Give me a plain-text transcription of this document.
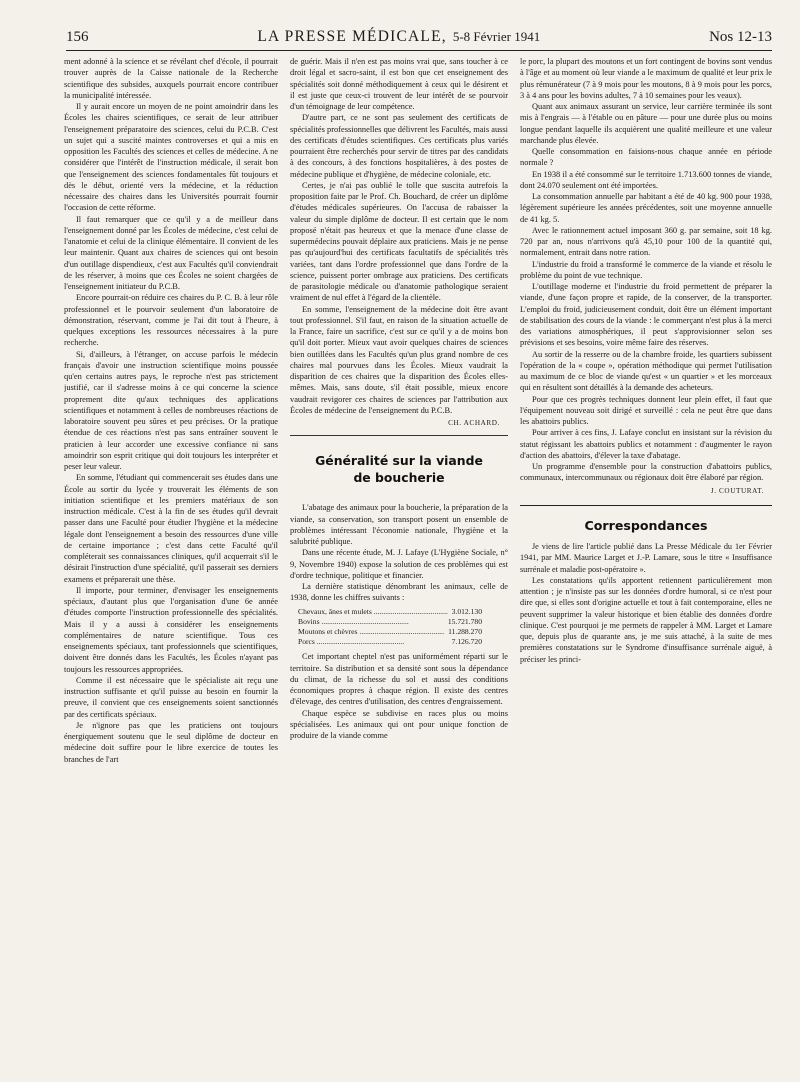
156	LA PRESSE MÉDICALE, 5-8 Février 1941	Nos 12-13

ment adonné à la science et se révélant chef d'école, il pourrait trouver auprès de la Caisse nationale de la Recherche scientifique des subsides, auxquels pourrait encore contribuer la municipalité intéressée.

Il y aurait encore un moyen de ne point amoindrir dans les Écoles les chaires scientifiques, ce serait de leur attribuer l'enseignement préparatoire des sciences, celui du P.C.B. C'est un sujet qui a suscité maintes controverses et qui a mis en opposition les Facultés des sciences et celles de médecine. A ne considérer que l'intérêt de l'instruction médicale, il serait bon que l'enseignement des sciences fondamentales fût toujours et dès le début, orienté vers la médecine, et la réduction nécessaire des chaires dans les Universités pourrait fournir l'occasion de cette réforme.

Il faut remarquer que ce qu'il y a de meilleur dans l'enseignement donné par les Écoles de médecine, c'est celui de l'anatomie et celui de la clinique élémentaire. Il convient de les leur maintenir. Quant aux chaires de sciences qui ont besoin d'un outillage dispendieux, c'est aux Facultés qu'il conviendrait de les réserver, à moins que ces Écoles ne soient chargées de l'enseignement initiateur du P.C.B.

Encore pourrait-on réduire ces chaires du P. C. B. à leur rôle professionnel et le pourvoir seulement d'un laboratoire de démonstration, réservant, comme je l'ai dit tout à l'heure, à quelques exceptions les ressources nécessaires à la pure recherche.

Si, d'ailleurs, à l'étranger, on accuse parfois le médecin français d'avoir une instruction scientifique moins poussée qu'en certains autres pays, le reproche n'est pas strictement justifié, car il s'adresse moins à ce qui concerne la science proprement dite qu'aux techniques des applications scientifiques et notamment à celles de nombreuses réactions de laboratoire souvent peu sûres et peu précises. Or la pratique étendue de ces réactions n'est pas sans entraîner souvent le praticien à leur accorder une excessive confiance ni sans amoindrir son esprit critique qui doit toujours les interpréter et peser leur valeur.

En somme, l'étudiant qui commencerait ses études dans une École au sortir du lycée y trouverait les éléments de son initiation scientifique et les premiers matériaux de son instruction médicale. C'est à la fin de ses études qu'il devrait passer dans une Faculté pour étudier l'hygiène et la médecine légale dont l'enseignement a besoin des ressources d'une ville de certaine importance ; c'est dans cette Faculté qu'il compléterait ses connaissances cliniques, qu'il acquerrait s'il le désirait l'instruction d'une spécialité, qu'il passerait ses derniers examens et préparerait une thèse.

Il importe, pour terminer, d'envisager les enseignements spéciaux, d'autant plus que l'organisation d'une 6e année d'études comporte l'instruction professionnelle des spécialités. Mais il y a aussi à considérer les enseignements complémentaires de nature scientifique. Tous ces enseignements spéciaux, tant professionnels que scientifiques, doivent être donnés dans les Facultés, les Écoles n'ayant pas toujours les ressources appropriées.

Comme il est nécessaire que le spécialiste ait reçu une instruction suffisante et qu'il puisse au besoin en fournir la preuve, il convient que ces enseignements soient sanctionnés par des certificats spéciaux.

Je n'ignore pas que les praticiens ont toujours énergiquement soutenu que le seul diplôme de docteur en médecine doit suffire pour le libre exercice de toutes les branches de l'art

de guérir. Mais il n'en est pas moins vrai que, sans toucher à ce droit légal et sacro-saint, il est bon que cet enseignement des spécialités soit donné méthodiquement à ceux qui le désirent et il est juste que ceux-ci trouvent de leur intérêt de se pourvoir d'un témoignage de leur compétence.

D'autre part, ce ne sont pas seulement des certificats de spécialités professionnelles que délivrent les Facultés, mais aussi des certificats d'études scientifiques. Ces certificats plus variés pourraient être recherchés pour servir de titres par des candidats à des concours, à des fonctions hospitalières, à des postes de médecine publique et d'hygiène, de médecine coloniale, etc.

Certes, je n'ai pas oublié le tolle que suscita autrefois la proposition faite par le Prof. Ch. Bouchard, de créer un diplôme d'études médicales supérieures. On l'accusa de rabaisser la valeur du simple diplôme de docteur. Il est certain que le nom proposé n'était pas heureux et que la menace d'une classe de supermédecins pouvait déplaire aux praticiens. Mais je ne pense pas qu'aujourd'hui des certificats facultatifs de spécialités très variées, tant dans l'ordre professionnel que dans l'ordre de la science, puissent porter ombrage aux praticiens. Des certificats de parasitologie médicale ou d'anatomie pathologique seraient vraiment de nul effet à l'égard de la clientèle.

En somme, l'enseignement de la médecine doit être avant tout professionnel. S'il faut, en raison de la situation actuelle de la France, faire un sacrifice, c'est sur ce qu'il y a de moins bon qu'il doit porter. Mieux vaut avoir quelques chaires de sciences bien outillées dans les Facultés qu'un plus grand nombre de ces chaires mal pourvues dans les Écoles. Mieux vaudrait la disparition de ces chaires que la disparition des Écoles elles-mêmes. Mais, sans doute, s'il était possible, mieux encore vaudrait revigorer ces chaires de sciences par l'attribution aux Écoles de médecine de l'enseignement du P.C.B.

CH. ACHARD.
Généralité sur la viande
de boucherie

L'abatage des animaux pour la boucherie, la préparation de la viande, sa conservation, son transport posent un ensemble de problèmes intéressant l'économie nationale, l'hygiène et la salubrité publique.

Dans une récente étude, M. J. Lafaye (L'Hygiène Sociale, n° 9, Novembre 1940) expose la solution de ces problèmes qui est d'ordre technique, politique et financier.

La dernière statistique dénombrant les animaux, celle de 1938, donne les chiffres suivants :

Chevaux, ânes et mulets .....	3.012.130
Bovins .....	15.721.780
Moutons et chèvres .....	11.288.270
Porcs .....	7.126.720

Cet important cheptel n'est pas uniformément réparti sur le territoire. Sa distribution et sa densité sont sous la dépendance du climat, de la richesse du sol et aussi des conditions économiques propres à chaque région. Il existe des centres d'élevage, des centres d'utilisation, des centres d'engraissement.

Chaque espèce se subdivise en races plus ou moins spécialisées. Les animaux qui ont pour unique fonction de produire de la viande comme

le porc, la plupart des moutons et un fort contingent de bovins sont vendus à l'âge et au moment où leur viande a le maximum de qualité et leur prix le plus rémunérateur (7 à 9 mois pour les moutons, 8 à 9 mois pour les porcs, 3 à 4 ans pour les bovins adultes, 7 à 10 semaines pour les veaux).

Quant aux animaux assurant un service, leur carrière terminée ils sont mis à l'engrais — à l'étable ou en pâture — pour une durée plus ou moins longue pendant laquelle ils acquièrent une qualité meilleure et une valeur marchande plus élevée.

Quelle consommation en faisions-nous chaque année en période normale ?

En 1938 il a été consommé sur le territoire 1.713.600 tonnes de viande, dont 24.070 seulement ont été importées.

La consommation annuelle par habitant a été de 40 kg. 900 pour 1938, légèrement supérieure les années précédentes, soit une moyenne annuelle de 41 kg. 5.

Avec le rationnement actuel imposant 360 g. par semaine, soit 18 kg. 720 par an, nous n'arrivons qu'à 45,10 pour 100 de la quantité qui, normalement, entrait dans notre ration.

L'industrie du froid a transformé le commerce de la viande et résolu le problème du point de vue technique.

L'outillage moderne et l'industrie du froid permettent de préparer la viande, d'une façon propre et rapide, de la conserver, de la transporter. L'emploi du froid, judicieusement conduit, doit être un élément important de stabilisation des cours de la viande : le commerçant n'est plus à la merci des variations atmosphériques, il peut s'approvisionner selon ses prévisions et ses besoins, voire même faire des réserves.

Au sortir de la resserre ou de la chambre froide, les quartiers subissent l'opération de la « coupe », opération méthodique qui permet l'utilisation au maximum de ce bloc de viande qu'est « un quartier » et les morceaux qui en résultent sont détaillés à la demande des acheteurs.

Pour que ces progrès techniques donnent leur plein effet, il faut que l'équipement nouveau soit dirigé et surveillé : cela ne peut être que dans les abattoirs publics.

Pour arriver à ces fins, J. Lafaye conclut en insistant sur la révision du statut régissant les abattoirs publics et notamment : d'augmenter le rayon d'action des abattoirs, d'élever la taxe d'abatage.

Un programme d'ensemble pour la construction d'abattoirs publics, communaux, intercommunaux ou régionaux doit être élaboré par région.

J. COUTURAT.
Correspondances

Je viens de lire l'article publié dans La Presse Médicale du 1er Février 1941, par MM. Maurice Larget et J.-P. Lamare, sous le titre « Insuffisance surrénale et maladie post-opératoire ».

Les constatations qu'ils apportent retiennent particulièrement mon attention ; je n'insiste pas sur les données d'ordre humoral, si ce n'est pour dire que, si elles sont d'origine actuelle et tout à fait contemporaine, elles ne peuvent supprimer la valeur historique et bien établie des données d'ordre clinique. C'est pourquoi je me permets de rappeler à MM. Larget et Lamare que, depuis plus de quarante ans, je me suis attaché, à la suite de mes premières constatations sur le Syndrome d'insuffisance surrénale aiguë, à préciser les princi-
